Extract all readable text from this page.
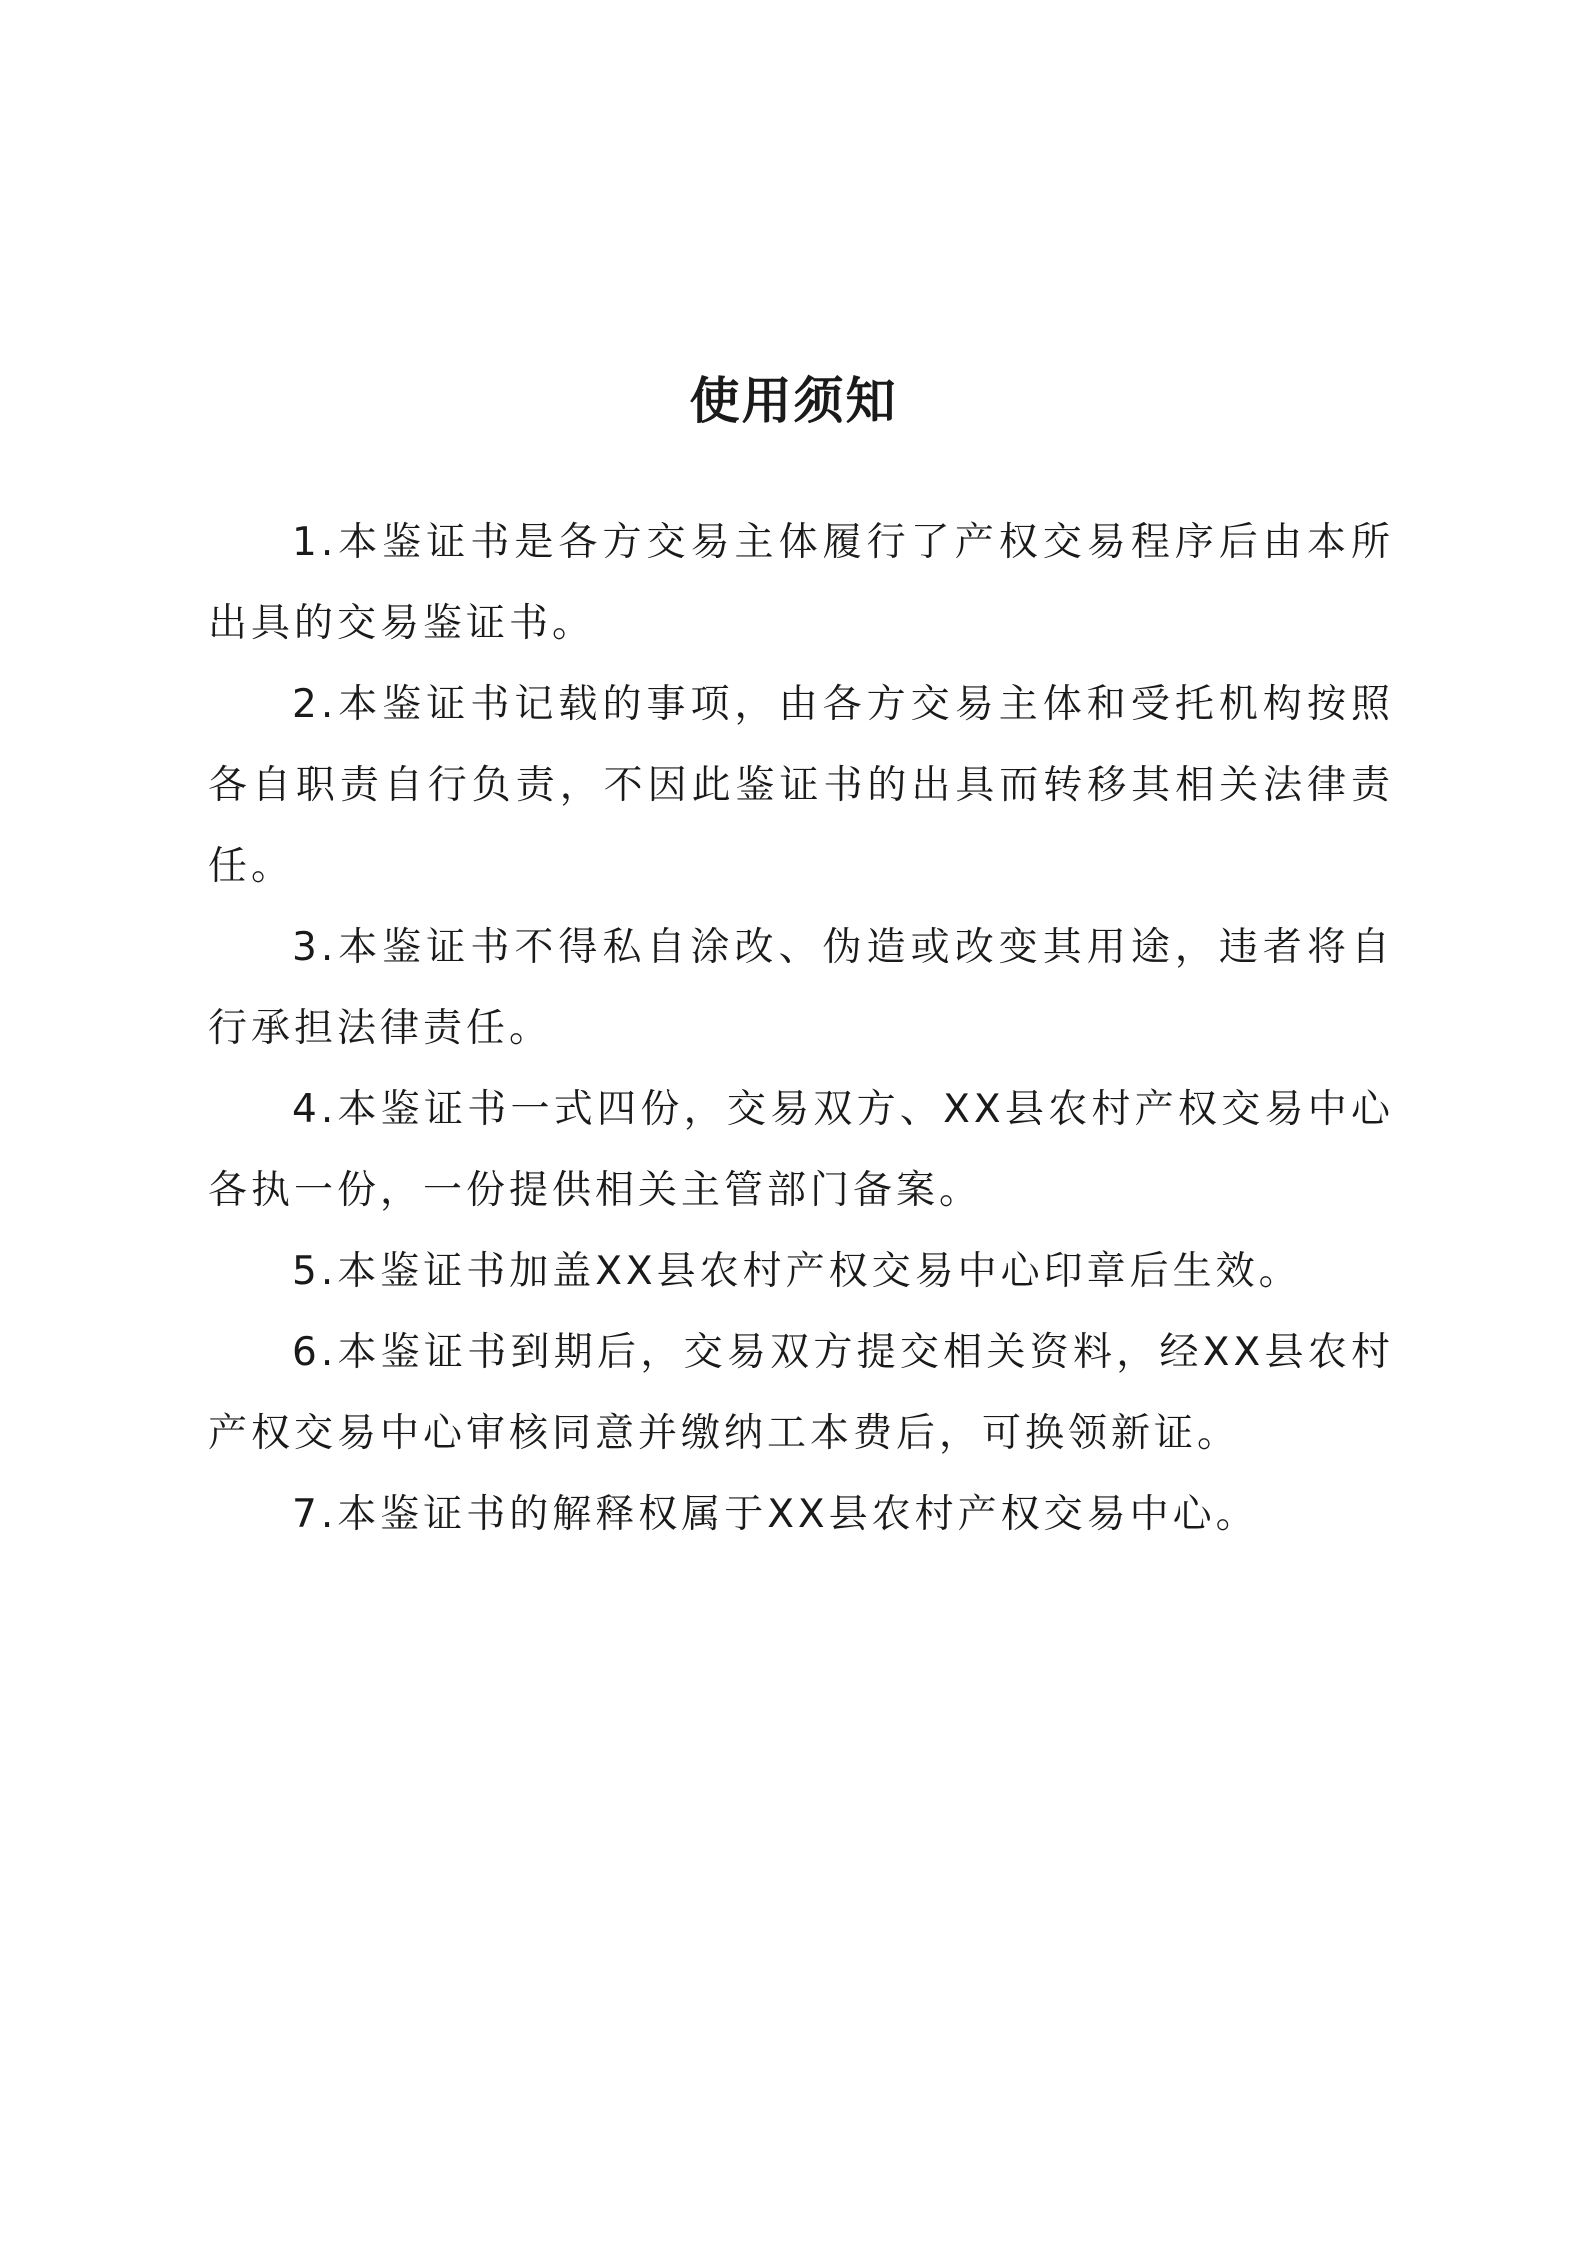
使用须知

1.本鉴证书是各方交易主体履行了产权交易程序后由本所出具的交易鉴证书。

2.本鉴证书记载的事项，由各方交易主体和受托机构按照各自职责自行负责，不因此鉴证书的出具而转移其相关法律责任。

3.本鉴证书不得私自涂改、伪造或改变其用途，违者将自行承担法律责任。

4.本鉴证书一式四份，交易双方、XX县农村产权交易中心各执一份，一份提供相关主管部门备案。

5.本鉴证书加盖XX县农村产权交易中心印章后生效。

6.本鉴证书到期后，交易双方提交相关资料，经XX县农村产权交易中心审核同意并缴纳工本费后，可换领新证。

7.本鉴证书的解释权属于XX县农村产权交易中心。
